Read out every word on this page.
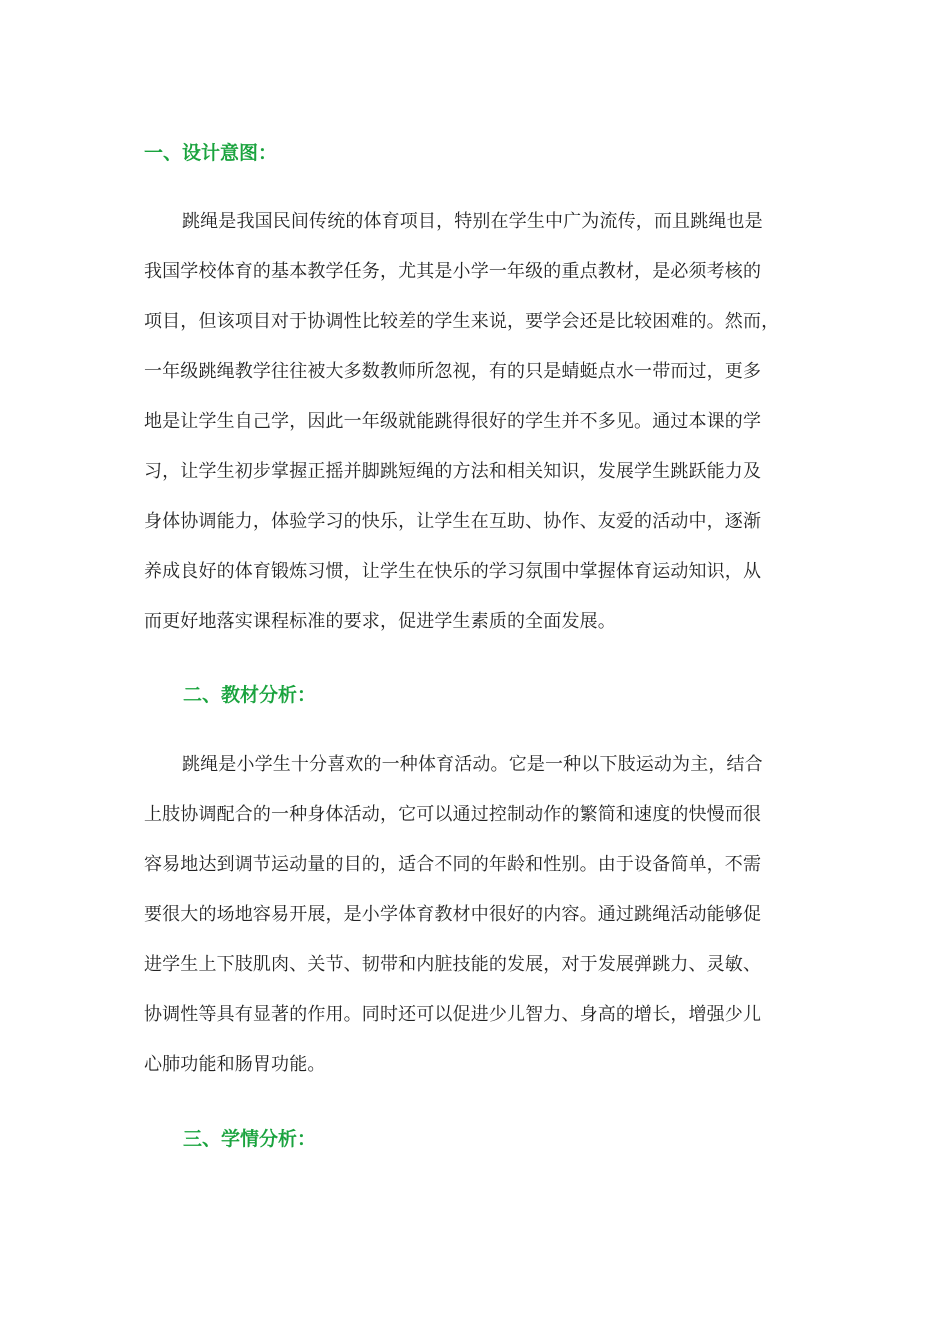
一、设计意图：
跳绳是我国民间传统的体育项目，特别在学生中广为流传，而且跳绳也是
我国学校体育的基本教学任务，尤其是小学一年级的重点教材，是必须考核的
项目，但该项目对于协调性比较差的学生来说，要学会还是比较困难的。然而，
一年级跳绳教学往往被大多数教师所忽视，有的只是蜻蜓点水一带而过，更多
地是让学生自己学，因此一年级就能跳得很好的学生并不多见。通过本课的学
习，让学生初步掌握正摇并脚跳短绳的方法和相关知识，发展学生跳跃能力及
身体协调能力，体验学习的快乐，让学生在互助、协作、友爱的活动中，逐渐
养成良好的体育锻炼习惯，让学生在快乐的学习氛围中掌握体育运动知识，从
而更好地落实课程标准的要求，促进学生素质的全面发展。
二、教材分析：
跳绳是小学生十分喜欢的一种体育活动。它是一种以下肢运动为主，结合
上肢协调配合的一种身体活动，它可以通过控制动作的繁简和速度的快慢而很
容易地达到调节运动量的目的，适合不同的年龄和性别。由于设备简单，不需
要很大的场地容易开展，是小学体育教材中很好的内容。通过跳绳活动能够促
进学生上下肢肌肉、关节、韧带和内脏技能的发展，对于发展弹跳力、灵敏、
协调性等具有显著的作用。同时还可以促进少儿智力、身高的增长，增强少儿
心肺功能和肠胃功能。
三、学情分析：
